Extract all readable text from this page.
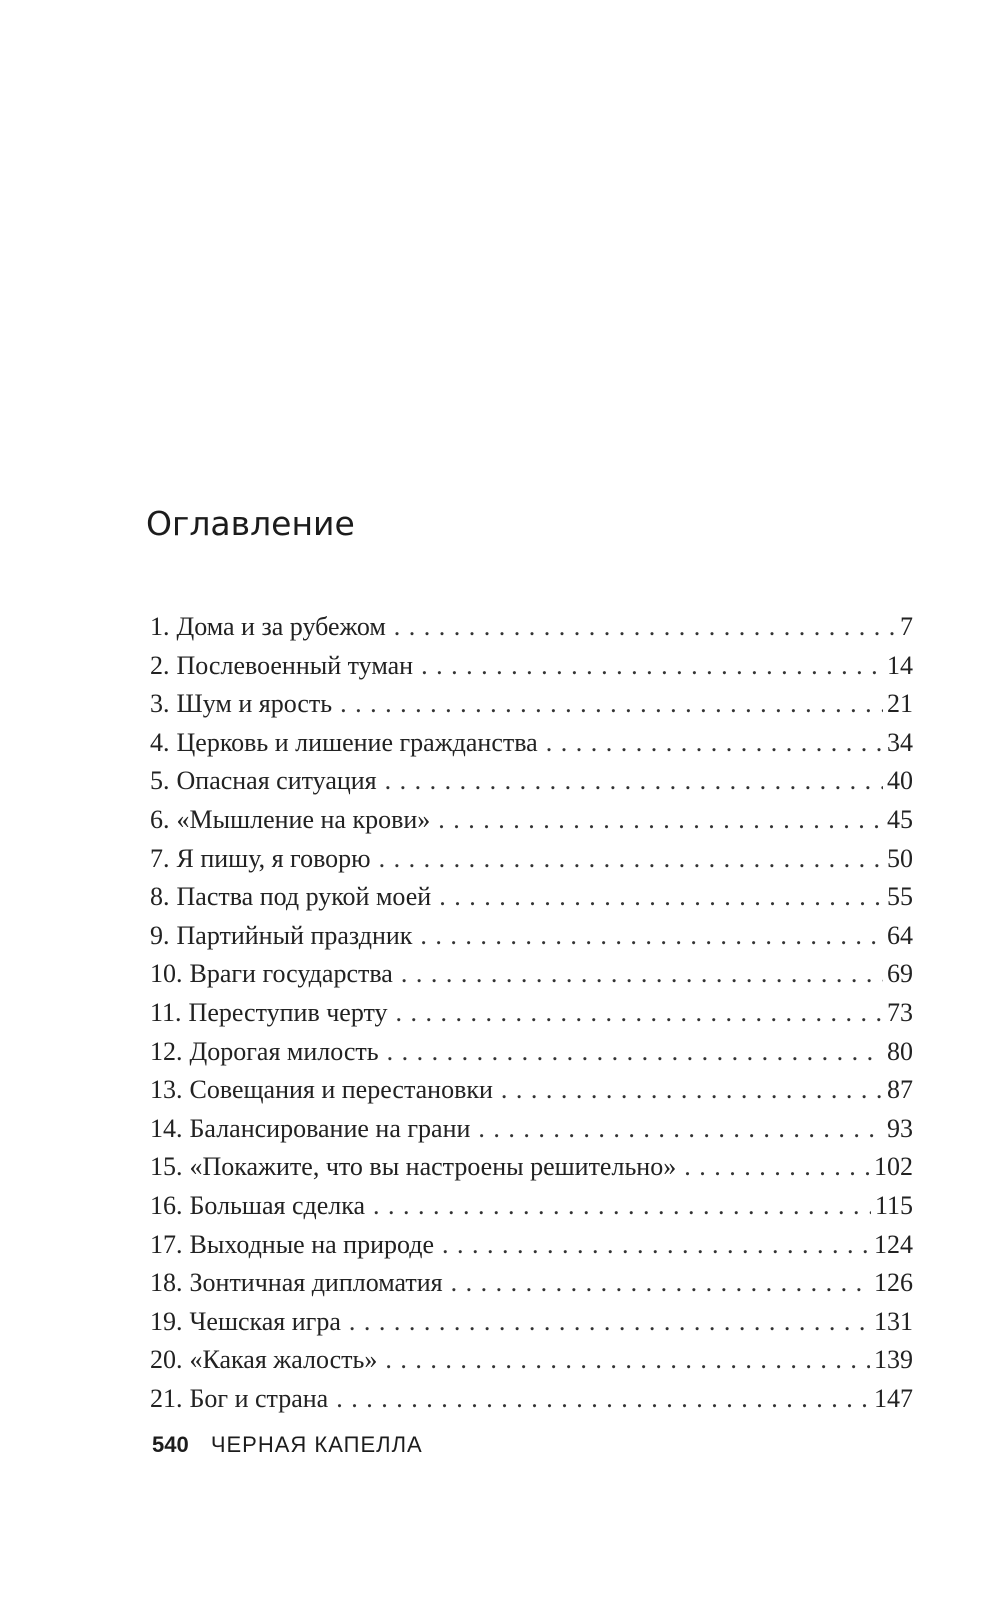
Оглавление
1. Дома и за рубежом . . .	7
2. Послевоенный туман . . .	14
3. Шум и ярость . . .	21
4. Церковь и лишение гражданства . . .	34
5. Опасная ситуация . . .	40
6. «Мышление на крови» . . .	45
7. Я пишу, я говорю . . .	50
8. Паства под рукой моей . . .	55
9. Партийный праздник . . .	64
10. Враги государства . . .	69
11. Переступив черту . . .	73
12. Дорогая милость . . .	80
13. Совещания и перестановки . . .	87
14. Балансирование на грани . . .	93
15. «Покажите, что вы настроены решительно» . . .	102
16. Большая сделка . . .	115
17. Выходные на природе . . .	124
18. Зонтичная дипломатия . . .	126
19. Чешская игра . . .	131
20. «Какая жалость» . . .	139
21. Бог и страна . . .	147
540 ЧЕРНАЯ КАПЕЛЛА
